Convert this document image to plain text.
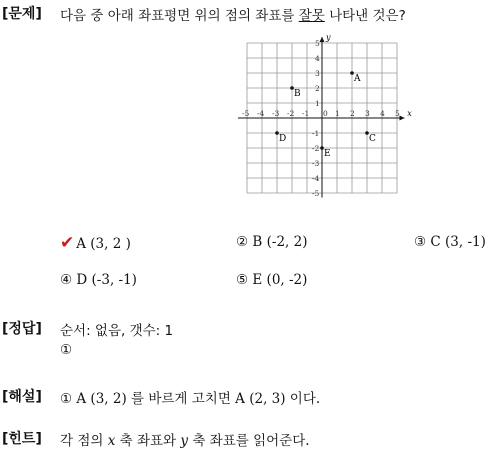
[문제] 다음 중 아래 좌표평면 위의 점의 좌표를 잘못 나타낸 것은?
x
y
-5 -4 -3 -2 -1	1 2 3 4 5
5
4
3
2
1
-1
-2
-3
-4
-5
0
A
B
C
D
E
✔ A (3, 2 )	② B (-2, 2)	③ C (3, -1)
④ D (-3, -1)	⑤ E (0, -2)
[정답] 순서: 없음, 갯수: 1
①
[해설] ① A (3, 2) 를 바르게 고치면 A (2, 3) 이다.
[힌트] 각 점의 x 축 좌표와 y 축 좌표를 읽어준다.
